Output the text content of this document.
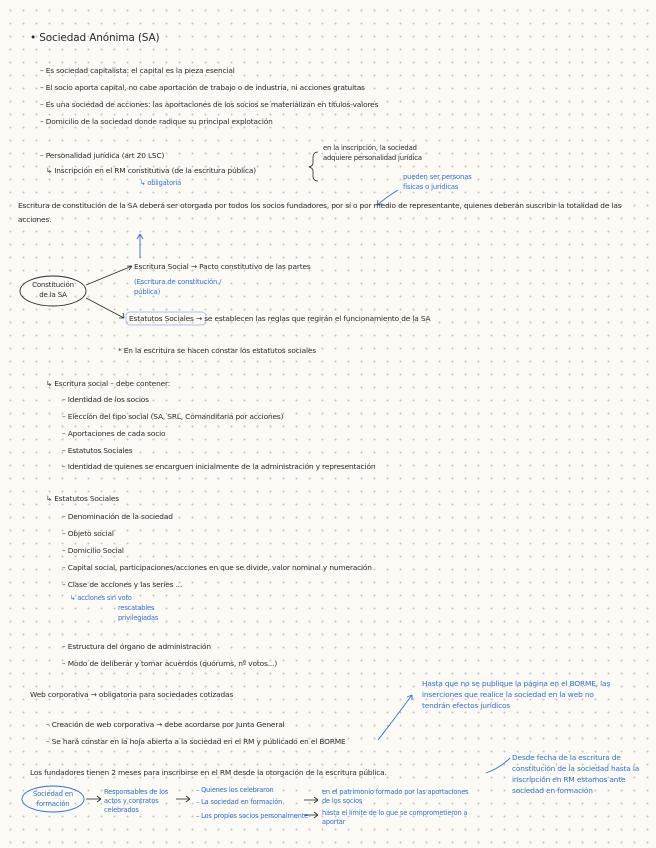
• Sociedad Anónima (SA)
– Es sociedad capitalista: el capital es la pieza esencial
– El socio aporta capital, no cabe aportación de trabajo o de industria, ni acciones gratuitas
– Es una sociedad de acciones: las aportaciones de los socios se materializan en títulos-valores
– Domicilio de la sociedad donde radique su principal explotación
– Personalidad jurídica (art 20 LSC)
↳ Inscripción en el RM constitutiva (de la escritura pública)
↳ obligatoria
en la inscripción, la sociedad
adquiere personalidad jurídica
pueden ser personas
físicas o jurídicas
Escritura de constitución de la SA deberá ser otorgada por todos los socios fundadores, por sí o por medio de representante, quienes deberán suscribir la totalidad de las acciones.
Constitución de la SA
Escritura Social → Pacto constitutivo de las partes
(Escritura de constitución / pública)
Estatutos Sociales → se establecen las reglas que regirán el funcionamiento de la SA
* En la escritura se hacen constar los estatutos sociales
↳ Escritura social – debe contener:
– Identidad de los socios
– Elección del tipo social (SA, SRL, Comanditaria por acciones)
– Aportaciones de cada socio
– Estatutos Sociales
– Identidad de quienes se encarguen inicialmente de la administración y representación
↳ Estatutos Sociales
– Denominación de la sociedad
– Objeto social
– Domicilio Social
– Capital social, participaciones/acciones en que se divide, valor nominal y numeración
– Clase de acciones y las series ...
↳ acciones sin voto
rescatables
privilegiadas
– Estructura del órgano de administración
– Modo de deliberar y tomar acuerdos (quórums, nº votos...)
Web corporativa → obligatoria para sociedades cotizadas
– Creación de web corporativa → debe acordarse por Junta General
– Se hará constar en la hoja abierta a la sociedad en el RM y publicado en el BORME
Hasta que no se publique la página en el BORME, las inserciones que realice la sociedad en la web no tendrán efectos jurídicos
Los fundadores tienen 2 meses para inscribirse en el RM desde la otorgación de la escritura pública.
Desde fecha de la escritura de constitución de la sociedad hasta la inscripción en RM estamos ante sociedad en formación
Sociedad en formación
Responsables de los actos y contratos celebrados
– Quienes los celebraron
– La sociedad en formación
– Los propios socios personalmente
en el patrimonio formado por las aportaciones de los socios
hasta el límite de lo que se comprometieron a aportar
